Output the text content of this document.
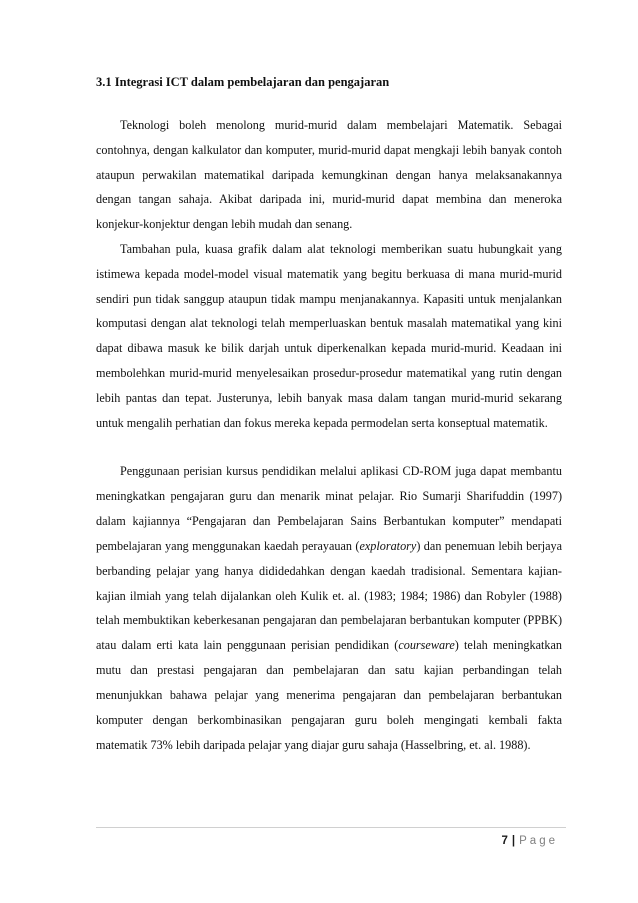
3.1 Integrasi ICT dalam pembelajaran dan pengajaran

Teknologi boleh menolong murid-murid dalam membelajari Matematik. Sebagai contohnya, dengan kalkulator dan komputer, murid-murid dapat mengkaji lebih banyak contoh ataupun perwakilan matematikal daripada kemungkinan dengan hanya melaksanakannya dengan tangan sahaja. Akibat daripada ini, murid-murid dapat membina dan meneroka konjekur-konjektur dengan lebih mudah dan senang.

Tambahan pula, kuasa grafik dalam alat teknologi memberikan suatu hubungkait yang istimewa kepada model-model visual matematik yang begitu berkuasa di mana murid-murid sendiri pun tidak sanggup ataupun tidak mampu menjanakannya. Kapasiti untuk menjalankan komputasi dengan alat teknologi telah memperluaskan bentuk masalah matematikal yang kini dapat dibawa masuk ke bilik darjah untuk diperkenalkan kepada murid-murid. Keadaan ini membolehkan murid-murid menyelesaikan prosedur-prosedur matematikal yang rutin dengan lebih pantas dan tepat. Justerunya, lebih banyak masa dalam tangan murid-murid sekarang untuk mengalih perhatian dan fokus mereka kepada permodelan serta konseptual matematik.

Penggunaan perisian kursus pendidikan melalui aplikasi CD-ROM juga dapat membantu meningkatkan pengajaran guru dan menarik minat pelajar. Rio Sumarji Sharifuddin (1997) dalam kajiannya “Pengajaran dan Pembelajaran Sains Berbantukan komputer” mendapati pembelajaran yang menggunakan kaedah perayauan (exploratory) dan penemuan lebih berjaya berbanding pelajar yang hanya dididedahkan dengan kaedah tradisional. Sementara kajian-kajian ilmiah yang telah dijalankan oleh Kulik et. al. (1983; 1984; 1986) dan Robyler (1988) telah membuktikan keberkesanan pengajaran dan pembelajaran berbantukan komputer (PPBK) atau dalam erti kata lain penggunaan perisian pendidikan (courseware) telah meningkatkan mutu dan prestasi pengajaran dan pembelajaran dan satu kajian perbandingan telah menunjukkan bahawa pelajar yang menerima pengajaran dan pembelajaran berbantukan komputer dengan berkombinasikan pengajaran guru boleh mengingati kembali fakta matematik 73% lebih daripada pelajar yang diajar guru sahaja (Hasselbring, et. al. 1988).

7 | Page
